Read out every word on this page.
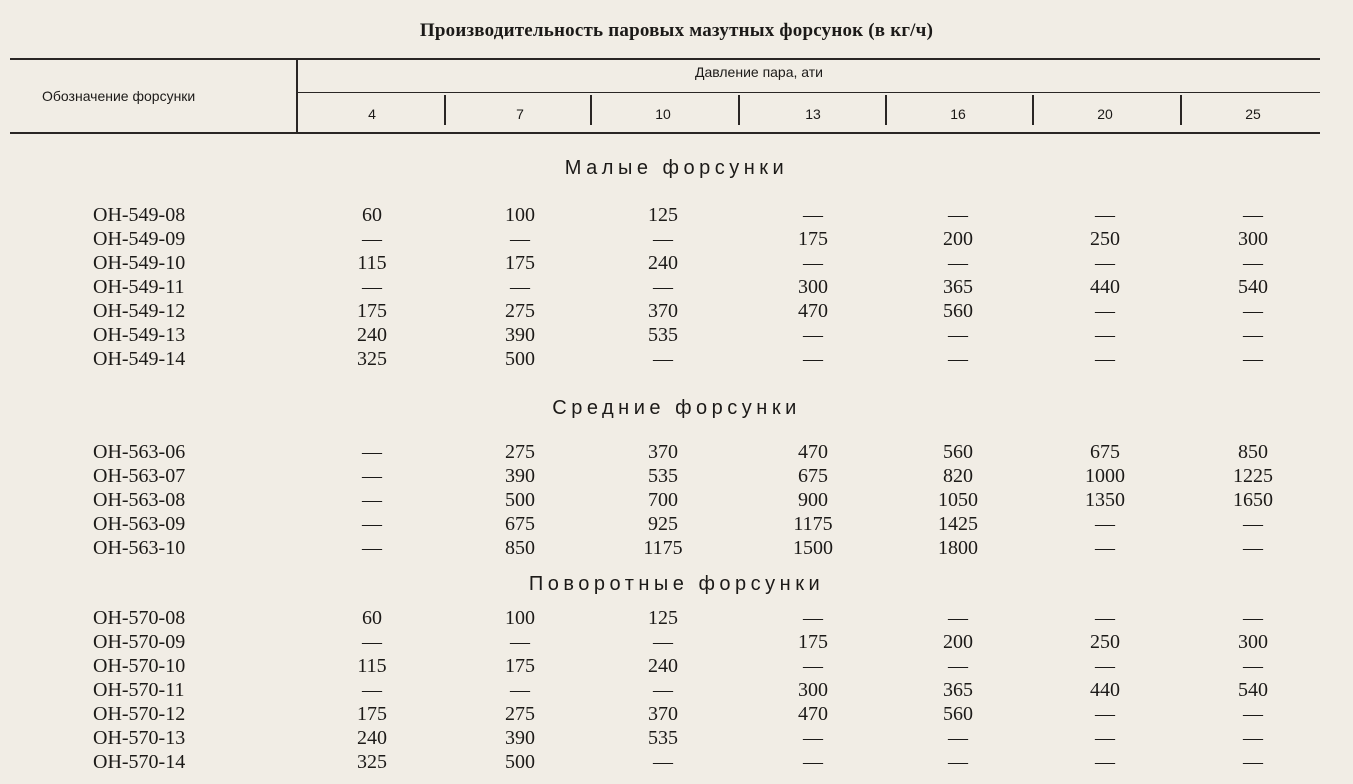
Производительность паровых мазутных форсунок (в кг/ч)
Обозначение форсунки
Давление пара, ати
4	7	10	13	16	20	25
Малые форсунки
ОН-549-08	60	100	125	—	—	—	—
ОН-549-09	—	—	—	175	200	250	300
ОН-549-10	115	175	240	—	—	—	—
ОН-549-11	—	—	—	300	365	440	540
ОН-549-12	175	275	370	470	560	—	—
ОН-549-13	240	390	535	—	—	—	—
ОН-549-14	325	500	—	—	—	—	—
Средние форсунки
ОН-563-06	—	275	370	470	560	675	850
ОН-563-07	—	390	535	675	820	1000	1225
ОН-563-08	—	500	700	900	1050	1350	1650
ОН-563-09	—	675	925	1175	1425	—	—
ОН-563-10	—	850	1175	1500	1800	—	—
Поворотные форсунки
ОН-570-08	60	100	125	—	—	—	—
ОН-570-09	—	—	—	175	200	250	300
ОН-570-10	115	175	240	—	—	—	—
ОН-570-11	—	—	—	300	365	440	540
ОН-570-12	175	275	370	470	560	—	—
ОН-570-13	240	390	535	—	—	—	—
ОН-570-14	325	500	—	—	—	—	—
